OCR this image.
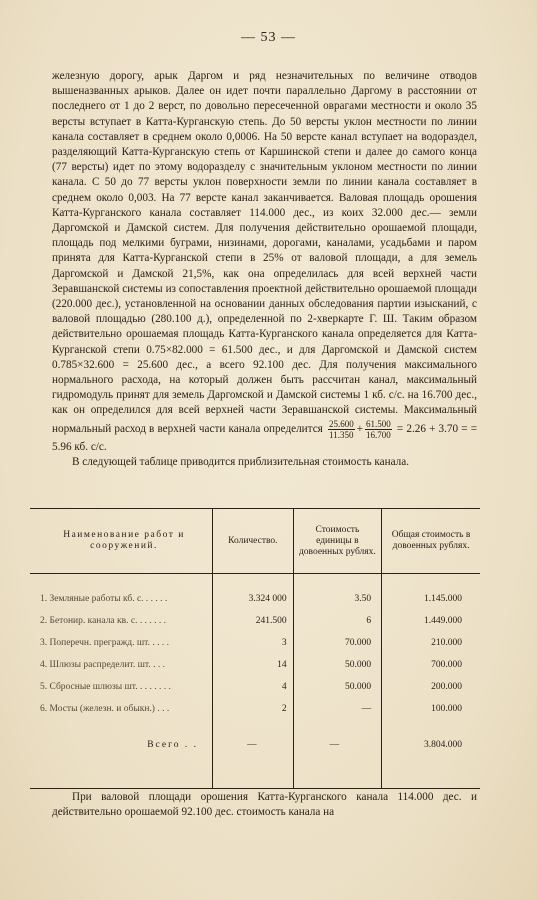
— 53 —

железную дорогу, арык Даргом и ряд незначительных по величине отводов вышеназванных арыков. Далее он идет почти параллельно Даргому в расстоянии от последнего от 1 до 2 верст, по довольно пересеченной оврагами местности и около 35 версты вступает в Катта-Курганскую степь. До 50 версты уклон местности по линии канала составляет в среднем около 0,0006. На 50 версте канал вступает на водораздел, разделяющий Катта-Курганскую степь от Каршинской степи и далее до самого конца (77 версты) идет по этому водоразделу с значительным уклоном местности по линии канала. С 50 до 77 версты уклон поверхности земли по линии канала составляет в среднем около 0,003. На 77 версте канал заканчивается. Валовая площадь орошения Катта-Курганского канала составляет 114.000 дес., из коих 32.000 дес.— земли Даргомской и Дамской систем. Для получения действительно орошаемой площади, площадь под мелкими буграми, низинами, дорогами, каналами, усадьбами и паром принята для Катта-Курганской степи в 25% от валовой площади, а для земель Даргомской и Дамской 21,5%, как она определилась для всей верхней части Зеравшанской системы из сопоставления проектной действительно орошаемой площади (220.000 дес.), установленной на основании данных обследования партии изысканий, с валовой площадью (280.100 д.), определенной по 2-хверкарте Г. Ш. Таким образом действительно орошаемая площадь Катта-Курганского канала определяется для Катта-Курганской степи 0.75×82.000 = 61.500 дес., и для Даргомской и Дамской систем 0.785×32.600 = 25.600 дес., а всего 92.100 дес. Для получения максимального нормального расхода, на который должен быть рассчитан канал, максимальный гидромодуль принят для земель Даргомской и Дамской системы 1 кб. с/с. на 16.700 дес., как он определился для всей верхней части Зеравшанской системы. Максимальный нормальный расход в верхней части канала определится $\frac{25.600}{11.350} + \frac{61.500}{16.700} = 2.26 + 3.70$ = = 5.96 кб. с/с.

В следующей таблице приводится приблизительная стоимость канала.

Наименование работ и сооружений.	Количество.	Стоимость единицы в довоенных рублях.	Общая стоимость в довоенных рублях.

1. Земляные работы кб. с. . . . . .	3.324 000	3.50	1.145.000
2. Бетонир. канала кв. с. . . . . . .	241.500	6	1.449.000
3. Поперечн. прегражд. шт. . . . .	3	70.000	210.000
4. Шлюзы распределит. шт. . . .	14	50.000	700.000
5. Сбросные шлюзы шт. . . . . . . .	4	50.000	200.000
6. Мосты (железн. и обыкн.) . . .	2	—	100.000
Всего . .	—	—	3.804.000

При валовой площади орошения Катта-Курганского канала 114.000 дес. и действительно орошаемой 92.100 дес. стоимость канала на
